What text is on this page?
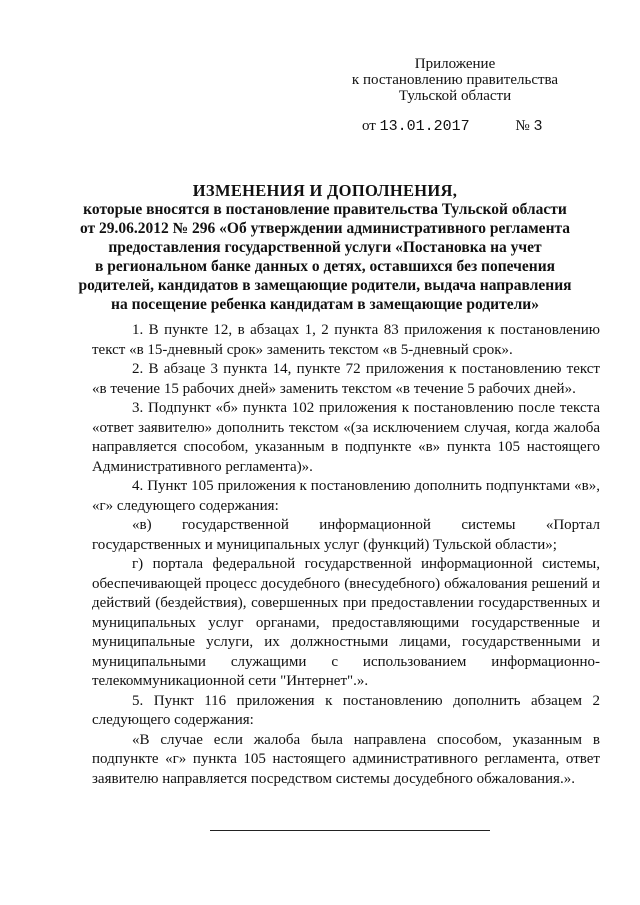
Приложение
к постановлению правительства
Тульской области
от 13.01.2017	№ 3
ИЗМЕНЕНИЯ И ДОПОЛНЕНИЯ,
которые вносятся в постановление правительства Тульской области
от 29.06.2012 № 296 «Об утверждении административного регламента
предоставления государственной услуги «Постановка на учет
в региональном банке данных о детях, оставшихся без попечения
родителей, кандидатов в замещающие родители, выдача направления
на посещение ребенка кандидатам в замещающие родители»

1. В пункте 12, в абзацах 1, 2 пункта 83 приложения к постановлению текст «в 15-дневный срок» заменить текстом «в 5-дневный срок».

2. В абзаце 3 пункта 14, пункте 72 приложения к постановлению текст «в течение 15 рабочих дней» заменить текстом «в течение 5 рабочих дней».

3. Подпункт «б» пункта 102 приложения к постановлению после текста «ответ заявителю» дополнить текстом «(за исключением случая, когда жалоба направляется способом, указанным в подпункте «в» пункта 105 настоящего Административного регламента)».

4. Пункт 105 приложения к постановлению дополнить подпунктами «в», «г» следующего содержания:

«в) государственной информационной системы «Портал государственных и муниципальных услуг (функций) Тульской области»;

г) портала федеральной государственной информационной системы, обеспечивающей процесс досудебного (внесудебного) обжалования решений и действий (бездействия), совершенных при предоставлении государственных и муниципальных услуг органами, предоставляющими государственные и муниципальные услуги, их должностными лицами, государственными и муниципальными служащими с использованием информационно-телекоммуникационной сети "Интернет".».

5. Пункт 116 приложения к постановлению дополнить абзацем 2 следующего содержания:

«В случае если жалоба была направлена способом, указанным в подпункте «г» пункта 105 настоящего административного регламента, ответ заявителю направляется посредством системы досудебного обжалования.».
